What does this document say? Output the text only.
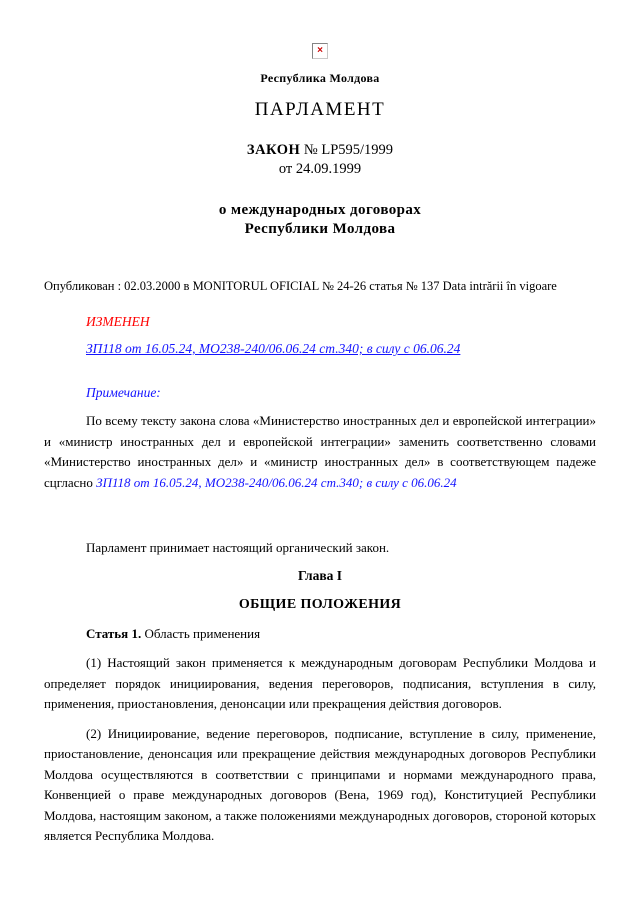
×
Республика Молдова
ПАРЛАМЕНТ
ЗАКОН № LP595/1999
от 24.09.1999
о международных договорах
Республики Молдова
Опубликован : 02.03.2000 в MONITORUL OFICIAL № 24-26 статья № 137 Data intrării în vigoare
ИЗМЕНЕН
ЗП118 от 16.05.24, МО238-240/06.06.24 ст.340; в силу с 06.06.24
Примечание:

По всему тексту закона слова «Министерство иностранных дел и европейской интеграции» и «министр иностранных дел и европейской интеграции» заменить соответственно словами «Министерство иностранных дел» и «министр иностранных дел» в соответствующем падеже сцгласно ЗП118 от 16.05.24, МО238-240/06.06.24 ст.340; в силу с 06.06.24

Парламент принимает настоящий органический закон.
Глава I
ОБЩИЕ ПОЛОЖЕНИЯ
Статья 1. Область применения

(1) Настоящий закон применяется к международным договорам Республики Молдова и определяет порядок инициирования, ведения переговоров, подписания, вступления в силу, применения, приостановления, денонсации или прекращения действия договоров.

(2) Инициирование, ведение переговоров, подписание, вступление в силу, применение, приостановление, денонсация или прекращение действия международных договоров Республики Молдова осуществляются в соответствии с принципами и нормами международного права, Конвенцией о праве международных договоров (Вена, 1969 год), Конституцией Республики Молдова, настоящим законом, а также положениями международных договоров, стороной которых является Республика Молдова.
